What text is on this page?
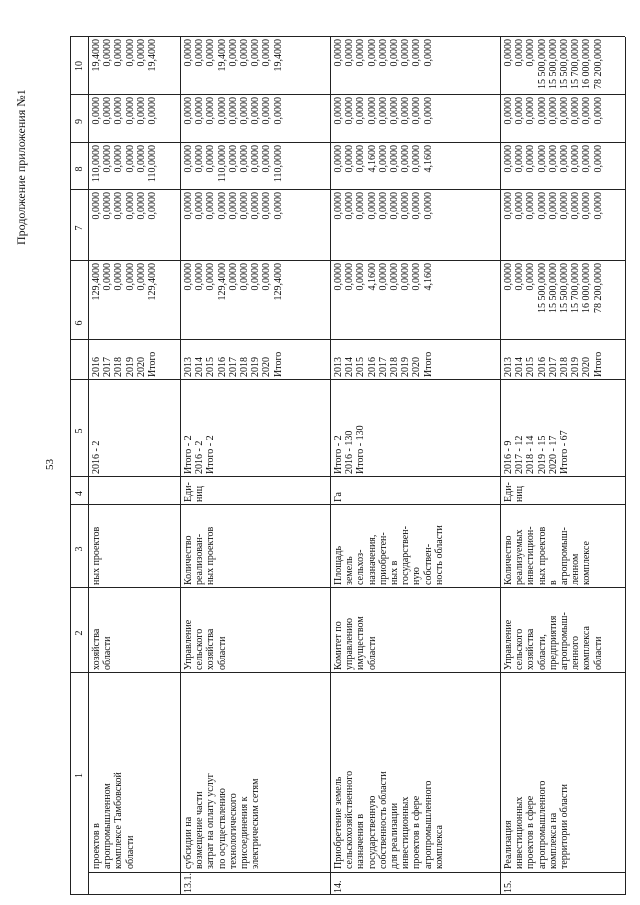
Продолжение приложения №1
53
1
2
3
4
5
6
7
8
9
10
проектов в агропромышленном комплексе Тамбовской области
хозяйства области
ных проектов
2016 - 2
2016 2017 2018 2019 2020 Итого
129,4000 0,0000 0,0000 0,0000 0,0000 129,4000
0,0000 0,0000 0,0000 0,0000 0,0000 0,0000
110,0000 0,0000 0,0000 0,0000 0,0000 110,0000
0,0000 0,0000 0,0000 0,0000 0,0000 0,0000
19,4000 0,0000 0,0000 0,0000 0,0000 19,4000
13.1.
субсидии на возмещение части затрат на оплату услуг по осуществлению технологического присоединения к электрическим сетям
Управление сельского хозяйства области
Количество реализован- ных проектов
Еди- ниц
Итого - 2 2016 - 2 Итого - 2
2013 2014 2015 2016 2017 2018 2019 2020 Итого
0,0000 0,0000 0,0000 129,4000 0,0000 0,0000 0,0000 0,0000 129,4000
0,0000 0,0000 0,0000 0,0000 0,0000 0,0000 0,0000 0,0000 0,0000
0,0000 0,0000 0,0000 110,0000 0,0000 0,0000 0,0000 0,0000 110,0000
0,0000 0,0000 0,0000 0,0000 0,0000 0,0000 0,0000 0,0000 0,0000
0,0000 0,0000 0,0000 19,4000 0,0000 0,0000 0,0000 0,0000 19,4000
14.
Приобретение земель сельскохозяйственного назначения в государственную собственность области для реализации инвестиционных проектов в сфере агропромышленного комплекса
Комитет по управлению имуществом области
Площадь земель сельхоз- назначения, приобретен- ных в государствен- ную собствен- ность области
Га
Итого - 2 2016 - 130 Итого - 130
2013 2014 2015 2016 2017 2018 2019 2020 Итого
0,0000 0,0000 0,0000 4,1600 0,0000 0,0000 0,0000 0,0000 4,1600
0,0000 0,0000 0,0000 0,0000 0,0000 0,0000 0,0000 0,0000 0,0000
0,0000 0,0000 0,0000 4,1600 0,0000 0,0000 0,0000 0,0000 4,1600
0,0000 0,0000 0,0000 0,0000 0,0000 0,0000 0,0000 0,0000 0,0000
0,0000 0,0000 0,0000 0,0000 0,0000 0,0000 0,0000 0,0000 0,0000
15.
Реализация инвестиционных проектов в сфере агропромышленного комплекса на территории области
Управление сельского хозяйства области, предприятия агропромыш- ленного комплекса области
Количество реализуемых инвестицион- ных проектов в агропромыш- ленном комплексе
Еди- ниц
2016 - 9 2017 - 12 2018 - 14 2019 - 15 2020 - 17 Итого - 67
2013 2014 2015 2016 2017 2018 2019 2020 Итого
0,0000 0,0000 0,0000 15 500,0000 15 500,0000 15 500,0000 15 700,0000 16 000,0000 78 200,0000
0,0000 0,0000 0,0000 0,0000 0,0000 0,0000 0,0000 0,0000 0,0000
0,0000 0,0000 0,0000 0,0000 0,0000 0,0000 0,0000 0,0000 0,0000
0,0000 0,0000 0,0000 0,0000 0,0000 0,0000 0,0000 0,0000 0,0000
0,0000 0,0000 0,0000 15 500,0000 15 500,0000 15 500,0000 15 700,0000 16 000,0000 78 200,0000
